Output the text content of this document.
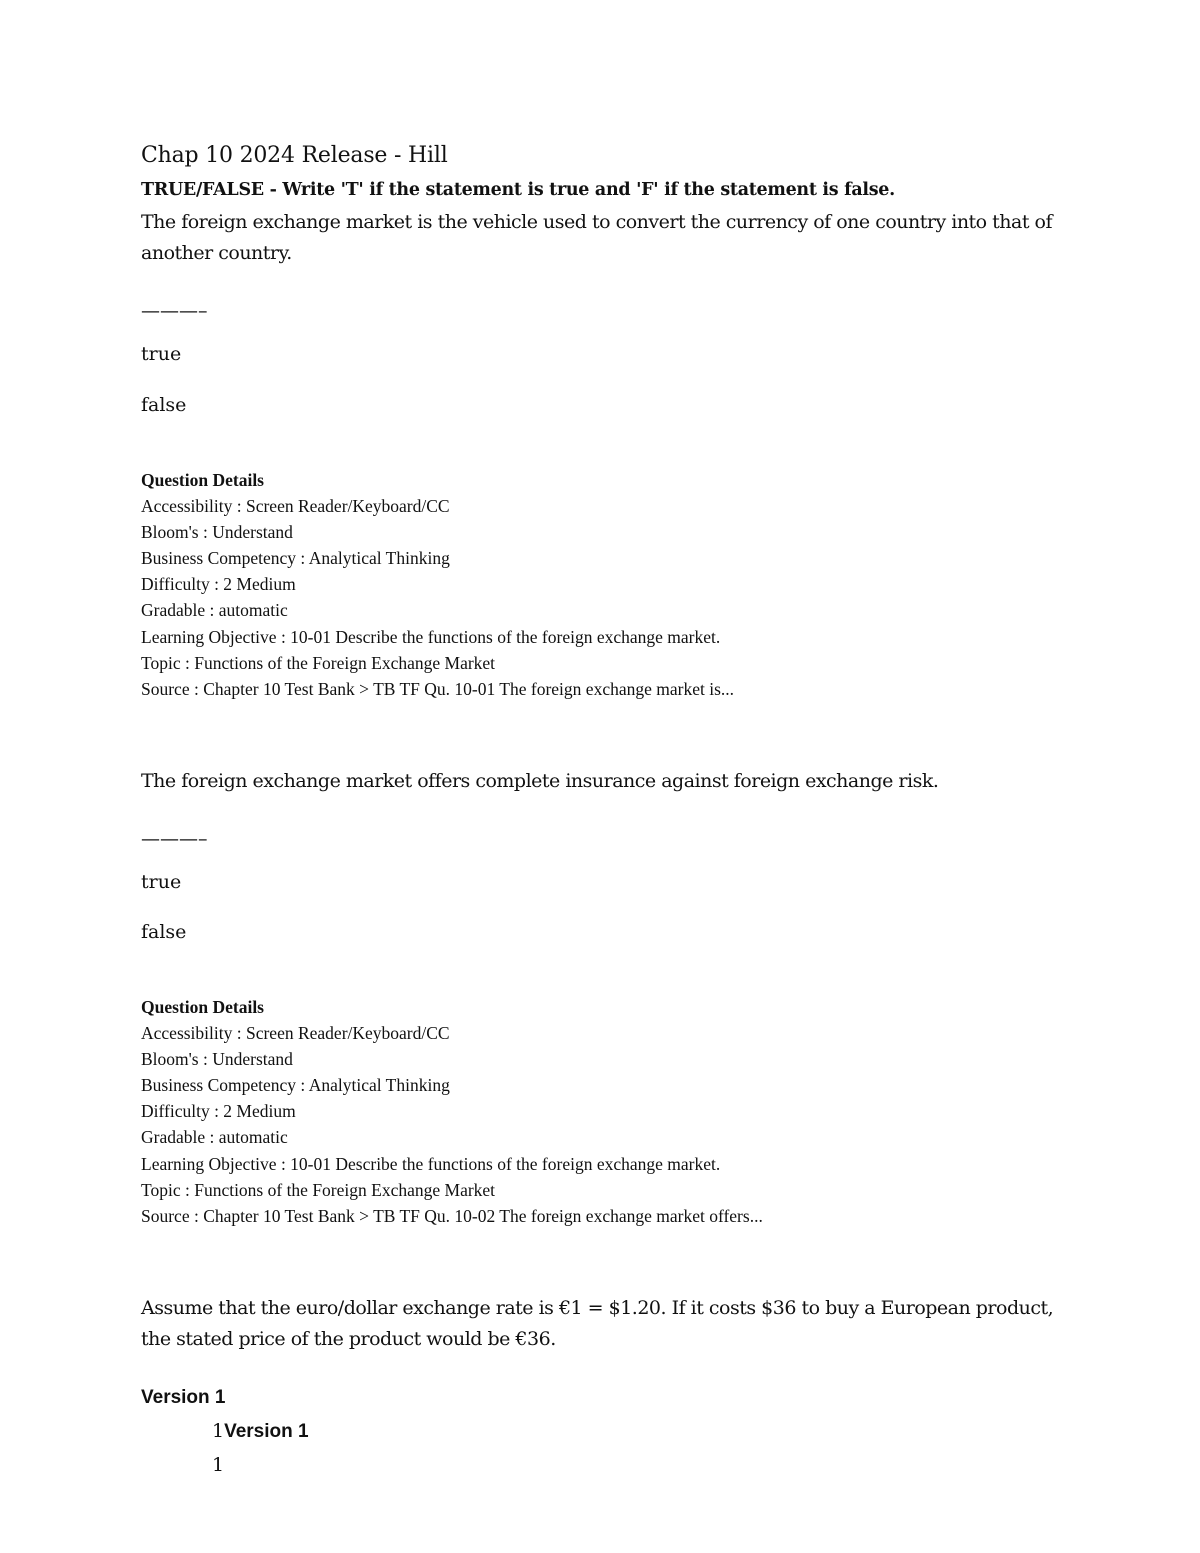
Chap 10 2024 Release - Hill
TRUE/FALSE - Write 'T' if the statement is true and 'F' if the statement is false.
The foreign exchange market is the vehicle used to convert the currency of one country into that of another country.
———–
true
false
Question Details
Accessibility : Screen Reader/Keyboard/CC
Bloom's : Understand
Business Competency : Analytical Thinking
Difficulty : 2 Medium
Gradable : automatic
Learning Objective : 10-01 Describe the functions of the foreign exchange market.
Topic : Functions of the Foreign Exchange Market
Source : Chapter 10 Test Bank > TB TF Qu. 10-01 The foreign exchange market is...
The foreign exchange market offers complete insurance against foreign exchange risk.
———–
true
false
Question Details
Accessibility : Screen Reader/Keyboard/CC
Bloom's : Understand
Business Competency : Analytical Thinking
Difficulty : 2 Medium
Gradable : automatic
Learning Objective : 10-01 Describe the functions of the foreign exchange market.
Topic : Functions of the Foreign Exchange Market
Source : Chapter 10 Test Bank > TB TF Qu. 10-02 The foreign exchange market offers...
Assume that the euro/dollar exchange rate is €1 = $1.20. If it costs $36 to buy a European product, the stated price of the product would be €36.
Version 1
1Version 1
1
